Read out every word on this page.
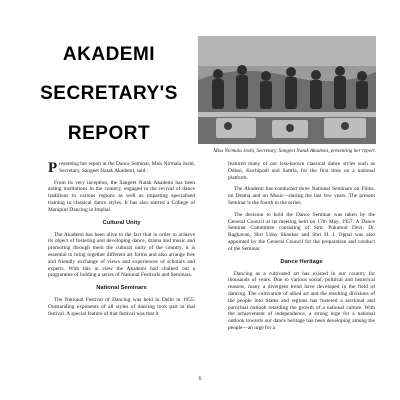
AKADEMI
SECRETARY'S
REPORT
Miss Nirmala Joshi, Secretary, Sangeet Natak Akademi, presenting her report.

Presenting her report at the Dance Seminar, Miss Nirmala Joshi, Secretary, Sangeet Natak Akademi, said :

From its very inception, the Sangeet Natak Akademi has been aiding institutions in the country, engaged in the revival of dance traditions in various regions as well as imparting specialised training in classical dance styles. It has also started a College of Manipuri Dancing in Imphal.

Cultural Unity

The Akademi has been alive to the fact that in order to achieve its object of fostering and developing dance, drama and music and promoting through them the cultural unity of the country, it is essential to bring together different art forms and also arrange free and friendly exchange of views and experiences of scholars and experts. With this in view the Akademi had chalked out a programme of holding a series of National Festivals and Seminars.

National Seminars

The National Festival of Dancing was held in Delhi in 1955. Outstanding exponents of all styles of dancing took part in that festival. A special feature of that festival was that it

featured many of our less-known classical dance styles such as Odissi, Kuchipudi and Sattria, for the first time on a national platform.

The Akademi has conducted three National Seminars on Films, on Drama and on Music—during the last few years. The present Seminar is the fourth in the series.

The decision to hold the Dance Seminar was taken by the General Council at its meeting held on 17th May, 1957. A Dance Seminar Committee consisting of Smt. Pukumul Devi, Dr. Raghavan, Shri Uday Shankar and Shri H. I. Oppal was also appointed by the General Council for the preparation and conduct of the Seminar.

Dance Heritage

Dancing as a cultivated art has existed in our country for thousands of years. Due to various social, political and historical reasons, many a divergent trend have developed in the field of dancing. The cultivation of allied art and the resulting divisions of the people into States and regions has fostered a sectional and parochial outlook retarding the growth of a national culture. With the achievement of independence, a strong urge for a national outlook towards our dance heritage has been developing among the people—an urge for a

6
